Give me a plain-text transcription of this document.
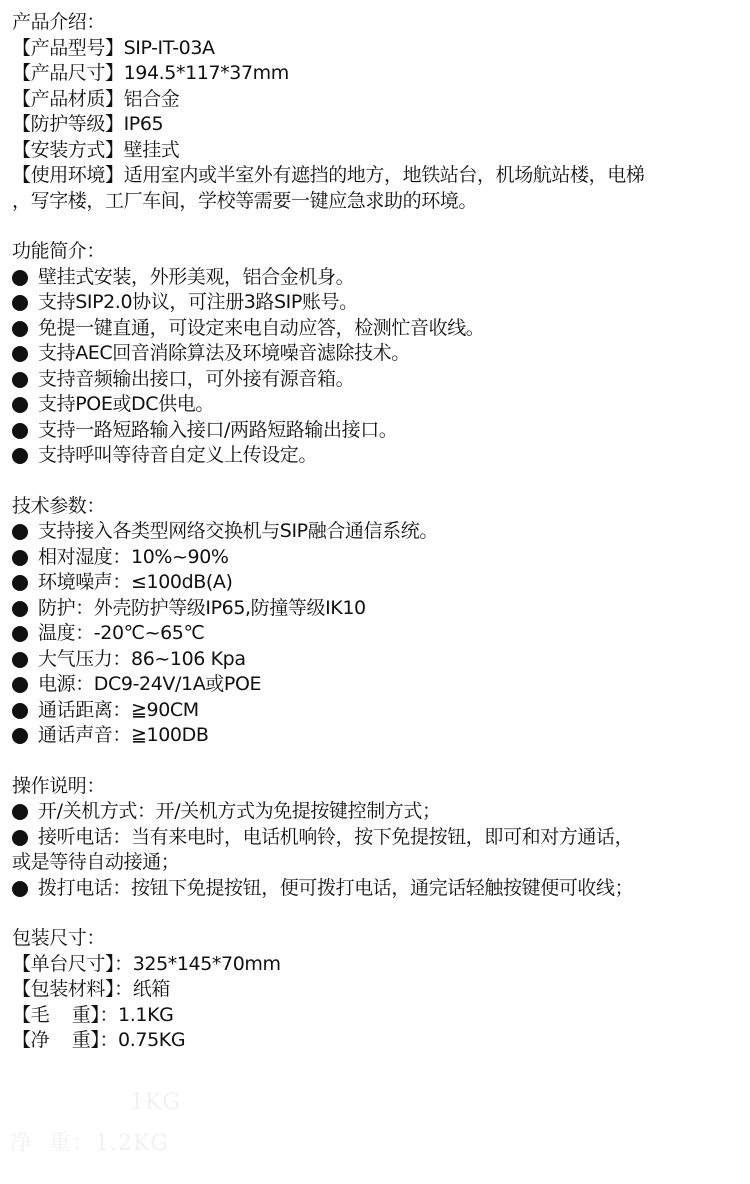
产品介绍：
【产品型号】SIP-IT-03A
【产品尺寸】194.5*117*37mm
【产品材质】铝合金
【防护等级】IP65
【安装方式】壁挂式
【使用环境】适用室内或半室外有遮挡的地方，地铁站台，机场航站楼，电梯
，写字楼，工厂车间，学校等需要一键应急求助的环境。
功能简介：
壁挂式安装，外形美观，铝合金机身。
支持SIP2.0协议，可注册3路SIP账号。
免提一键直通，可设定来电自动应答，检测忙音收线。
支持AEC回音消除算法及环境噪音滤除技术。
支持音频输出接口，可外接有源音箱。
支持POE或DC供电。
支持一路短路输入接口/两路短路输出接口。
支持呼叫等待音自定义上传设定。
技术参数：
支持接入各类型网络交换机与SIP融合通信系统。
相对湿度：10%~90%
环境噪声：≤100dB(A)
防护：外壳防护等级IP65,防撞等级IK10
温度：-20℃~65℃
大气压力：86~106 Kpa
电源：DC9-24V/1A或POE
通话距离：≧90CM
通话声音：≧100DB
操作说明：
开/关机方式：开/关机方式为免提按键控制方式；
接听电话：当有来电时，电话机响铃，按下免提按钮，即可和对方通话，
或是等待自动接通；
拨打电话：按钮下免提按钮，便可拨打电话，通完话轻触按键便可收线；
包装尺寸：
【单台尺寸】：325*145*70mm
【包装材料】：纸箱
【毛    重】：1.1KG
【净    重】：0.75KG
1KG
净  重：1.2KG
